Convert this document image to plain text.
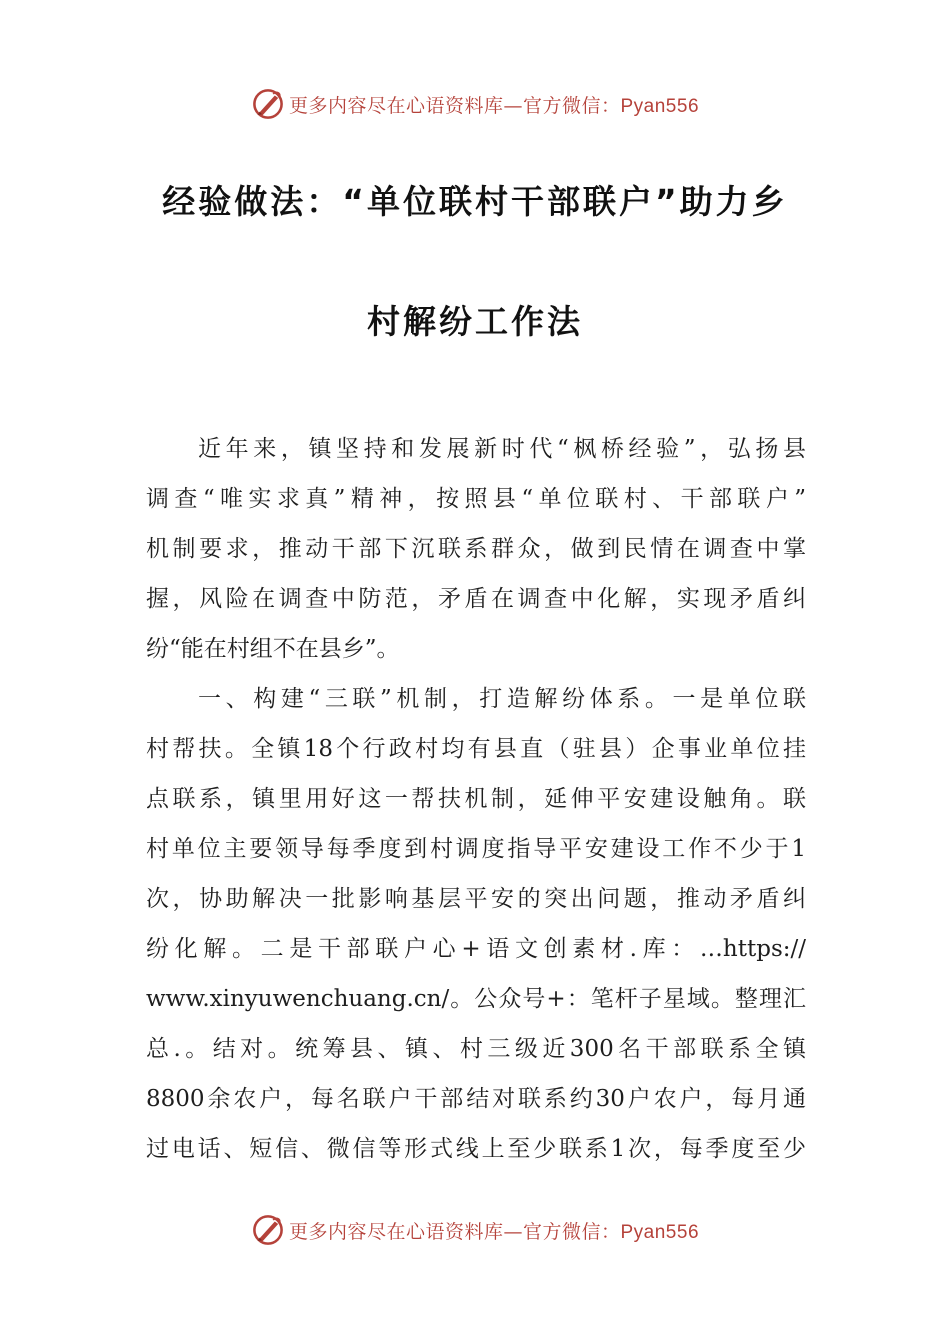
更多内容尽在心语资料库—官方微信：Pyan556
经验做法：“单位联村干部联户”助力乡
村解纷工作法
近年来，镇坚持和发展新时代“枫桥经验”，弘扬县
调查“唯实求真”精神，按照县“单位联村、干部联户”
机制要求，推动干部下沉联系群众，做到民情在调查中掌
握，风险在调查中防范，矛盾在调查中化解，实现矛盾纠
纷“能在村组不在县乡”。
一、构建“三联”机制，打造解纷体系。一是单位联
村帮扶。全镇18个行政村均有县直（驻县）企事业单位挂
点联系，镇里用好这一帮扶机制，延伸平安建设触角。联
村单位主要领导每季度到村调度指导平安建设工作不少于1
次，协助解决一批影响基层平安的突出问题，推动矛盾纠
纷化解。二是干部联户心+语文创素材.库：…https://
www.xinyuwenchuang.cn/。公众号+：笔杆子星域。整理汇
总.。结对。统筹县、镇、村三级近300名干部联系全镇
8800余农户，每名联户干部结对联系约30户农户，每月通
过电话、短信、微信等形式线上至少联系1次，每季度至少
更多内容尽在心语资料库—官方微信：Pyan556
